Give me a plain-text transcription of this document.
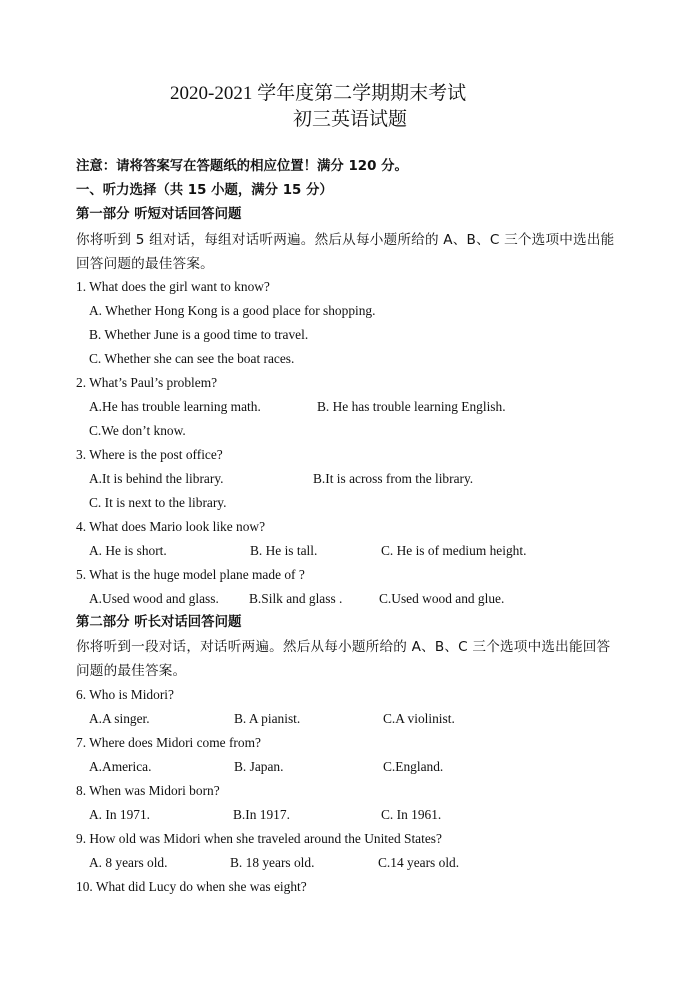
2020-2021 学年度第二学期期末考试
初三英语试题
注意：请将答案写在答题纸的相应位置！满分 120 分。
一、听力选择（共 15 小题，满分 15 分）
第一部分 听短对话回答问题
你将听到 5 组对话，每组对话听两遍。然后从每小题所给的 A、B、C 三个选项中选出能
回答问题的最佳答案。
1. What does the girl want to know?
A. Whether Hong Kong is a good place for shopping.
B. Whether June is a good time to travel.
C. Whether she can see the boat races.
2. What’s Paul’s problem?
A.He has trouble learning math.	B. He has trouble learning English.
C.We don’t know.
3. Where is the post office?
A.It is behind the library.	B.It is across from the library.
C. It is next to the library.
4. What does Mario look like now?
A. He is short.	B. He is tall.	C. He is of medium height.
5. What is the huge model plane made of ?
A.Used wood and glass. B.Silk and glass .	C.Used wood and glue.
第二部分 听长对话回答问题
你将听到一段对话，对话听两遍。然后从每小题所给的 A、B、C 三个选项中选出能回答
问题的最佳答案。
6. Who is Midori?
A.A singer.	B. A pianist.	C.A violinist.
7. Where does Midori come from?
A.America.	B. Japan.	C.England.
8. When was Midori born?
A. In 1971.	B.In 1917.	C. In 1961.
9. How old was Midori when she traveled around the United States?
A. 8 years old.	B. 18 years old.	C.14 years old.
10. What did Lucy do when she was eight?
